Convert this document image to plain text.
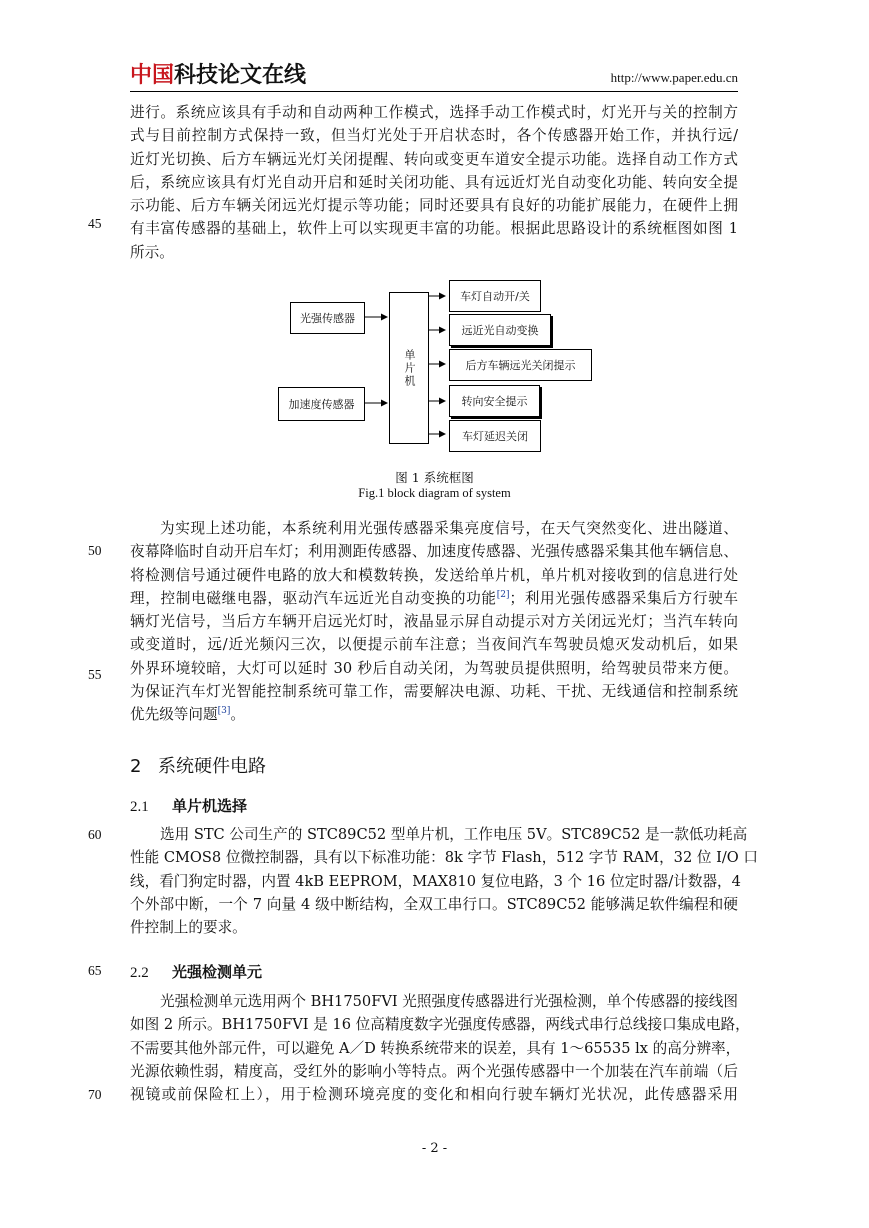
中国 科技论文在线	http://www.paper.edu.cn
进行。系统应该具有手动和自动两种工作模式，选择手动工作模式时，灯光开与关的控制方
式与目前控制方式保持一致，但当灯光处于开启状态时，各个传感器开始工作，并执行远/
近灯光切换、后方车辆远光灯关闭提醒、转向或变更车道安全提示功能。选择自动工作方式
后，系统应该具有灯光自动开启和延时关闭功能、具有远近灯光自动变化功能、转向安全提
示功能、后方车辆关闭远光灯提示等功能；同时还要具有良好的功能扩展能力，在硬件上拥
有丰富传感器的基础上，软件上可以实现更丰富的功能。根据此思路设计的系统框图如图 1
所示。
45
50
55
60
65
70
光强传感器
加速度传感器
单片机
车灯自动开/关
远近光自动变换
后方车辆远光关闭提示
转向安全提示
车灯延迟关闭
图 1 系统框图
Fig.1 block diagram of system
为实现上述功能，本系统利用光强传感器采集亮度信号，在天气突然变化、进出隧道、
夜幕降临时自动开启车灯；利用测距传感器、加速度传感器、光强传感器采集其他车辆信息、
将检测信号通过硬件电路的放大和模数转换，发送给单片机，单片机对接收到的信息进行处
理，控制电磁继电器，驱动汽车远近光自动变换的功能[2]；利用光强传感器采集后方行驶车
辆灯光信号，当后方车辆开启远光灯时，液晶显示屏自动提示对方关闭远光灯；当汽车转向
或变道时，远/近光频闪三次，以便提示前车注意；当夜间汽车驾驶员熄灭发动机后，如果
外界环境较暗，大灯可以延时 30 秒后自动关闭，为驾驶员提供照明，给驾驶员带来方便。
为保证汽车灯光智能控制系统可靠工作，需要解决电源、功耗、干扰、无线通信和控制系统
优先级等问题[3]。
2 系统硬件电路
2.1 单片机选择
选用 STC 公司生产的 STC89C52 型单片机，工作电压 5V。STC89C52 是一款低功耗高
性能 CMOS8 位微控制器，具有以下标准功能：8k 字节 Flash，512 字节 RAM，32 位 I/O 口
线，看门狗定时器，内置 4kB EEPROM，MAX810 复位电路，3 个 16 位定时器/计数器，4
个外部中断，一个 7 向量 4 级中断结构，全双工串行口。STC89C52 能够满足软件编程和硬
件控制上的要求。
2.2 光强检测单元
光强检测单元选用两个 BH1750FVI 光照强度传感器进行光强检测，单个传感器的接线图
如图 2 所示。BH1750FVI 是 16 位高精度数字光强度传感器，两线式串行总线接口集成电路，
不需要其他外部元件，可以避免 A／D 转换系统带来的误差，具有 1～65535 lx 的高分辨率，
光源依赖性弱，精度高，受红外的影响小等特点。两个光强传感器中一个加装在汽车前端（后
视镜或前保险杠上），用于检测环境亮度的变化和相向行驶车辆灯光状况，此传感器采用
- 2 -
